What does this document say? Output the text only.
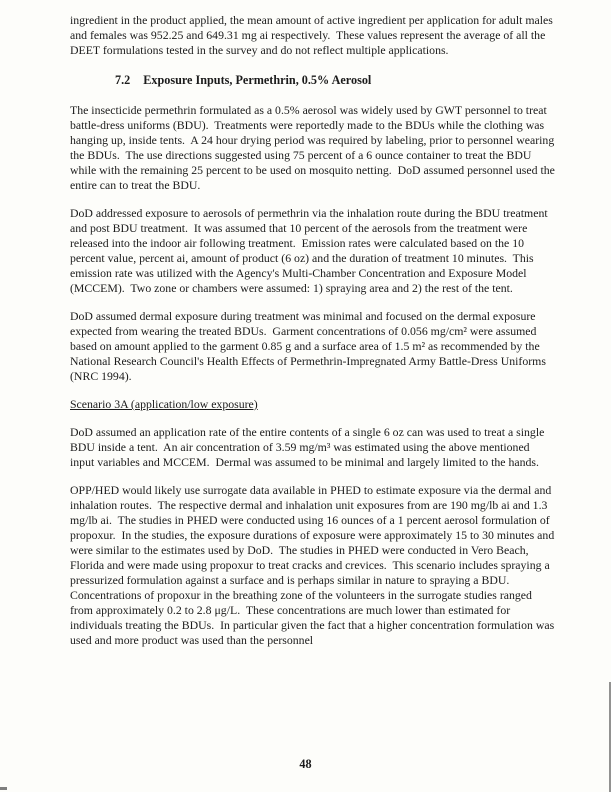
ingredient in the product applied, the mean amount of active ingredient per application for adult males and females was 952.25 and 649.31 mg ai respectively.  These values represent the average of all the DEET formulations tested in the survey and do not reflect multiple applications.

7.2 Exposure Inputs, Permethrin, 0.5% Aerosol

The insecticide permethrin formulated as a 0.5% aerosol was widely used by GWT personnel to treat battle-dress uniforms (BDU).  Treatments were reportedly made to the BDUs while the clothing was hanging up, inside tents.  A 24 hour drying period was required by labeling, prior to personnel wearing the BDUs.  The use directions suggested using 75 percent of a 6 ounce container to treat the BDU while with the remaining 25 percent to be used on mosquito netting.  DoD assumed personnel used the entire can to treat the BDU.

DoD addressed exposure to aerosols of permethrin via the inhalation route during the BDU treatment and post BDU treatment.  It was assumed that 10 percent of the aerosols from the treatment were released into the indoor air following treatment.  Emission rates were calculated based on the 10 percent value, percent ai, amount of product (6 oz) and the duration of treatment 10 minutes.  This emission rate was utilized with the Agency's Multi-Chamber Concentration and Exposure Model (MCCEM).  Two zone or chambers were assumed: 1) spraying area and 2) the rest of the tent.

DoD assumed dermal exposure during treatment was minimal and focused on the dermal exposure expected from wearing the treated BDUs.  Garment concentrations of 0.056 mg/cm² were assumed based on amount applied to the garment 0.85 g and a surface area of 1.5 m² as recommended by the National Research Council's Health Effects of Permethrin-Impregnated Army Battle-Dress Uniforms (NRC 1994).

Scenario 3A (application/low exposure)

DoD assumed an application rate of the entire contents of a single 6 oz can was used to treat a single BDU inside a tent.  An air concentration of 3.59 mg/m³ was estimated using the above mentioned input variables and MCCEM.  Dermal was assumed to be minimal and largely limited to the hands.

OPP/HED would likely use surrogate data available in PHED to estimate exposure via the dermal and inhalation routes.  The respective dermal and inhalation unit exposures from are 190 mg/lb ai and 1.3 mg/lb ai.  The studies in PHED were conducted using 16 ounces of a 1 percent aerosol formulation of propoxur.  In the studies, the exposure durations of exposure were approximately 15 to 30 minutes and were similar to the estimates used by DoD.  The studies in PHED were conducted in Vero Beach, Florida and were made using propoxur to treat cracks and crevices.  This scenario includes spraying a pressurized formulation against a surface and is perhaps similar in nature to spraying a BDU.  Concentrations of propoxur in the breathing zone of the volunteers in the surrogate studies ranged from approximately 0.2 to 2.8 μg/L.  These concentrations are much lower than estimated for individuals treating the BDUs.  In particular given the fact that a higher concentration formulation was used and more product was used than the personnel

48
